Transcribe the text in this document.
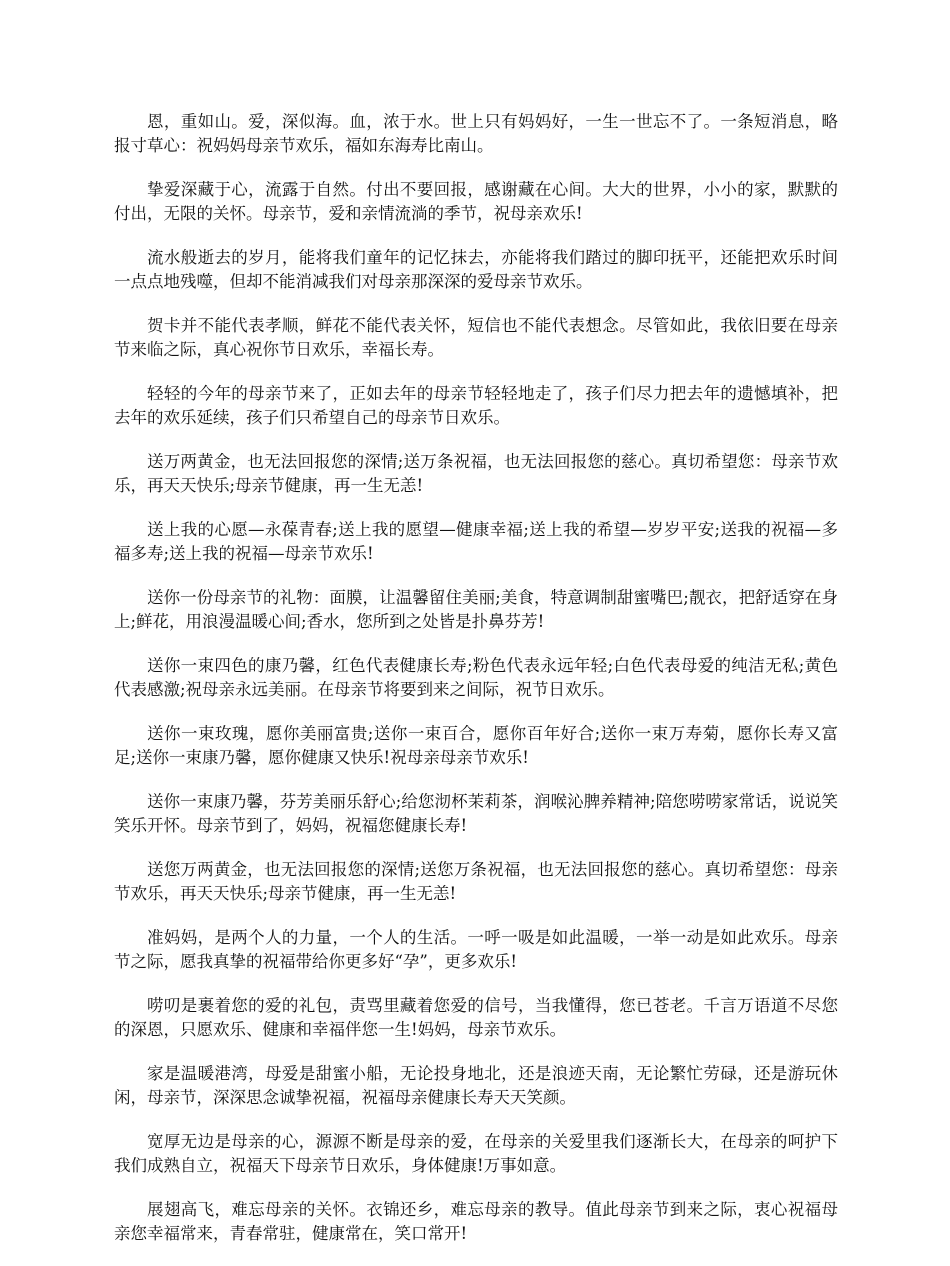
恩，重如山。爱，深似海。血，浓于水。世上只有妈妈好，一生一世忘不了。一条短消息，略报寸草心：祝妈妈母亲节欢乐，福如东海寿比南山。

挚爱深藏于心，流露于自然。付出不要回报，感谢藏在心间。大大的世界，小小的家，默默的付出，无限的关怀。母亲节，爱和亲情流淌的季节，祝母亲欢乐!

流水般逝去的岁月，能将我们童年的记忆抹去，亦能将我们踏过的脚印抚平，还能把欢乐时间一点点地残噬，但却不能消减我们对母亲那深深的爱母亲节欢乐。

贺卡并不能代表孝顺，鲜花不能代表关怀，短信也不能代表想念。尽管如此，我依旧要在母亲节来临之际，真心祝你节日欢乐，幸福长寿。

轻轻的今年的母亲节来了，正如去年的母亲节轻轻地走了，孩子们尽力把去年的遗憾填补，把去年的欢乐延续，孩子们只希望自己的母亲节日欢乐。

送万两黄金，也无法回报您的深情;送万条祝福，也无法回报您的慈心。真切希望您：母亲节欢乐，再天天快乐;母亲节健康，再一生无恙!

送上我的心愿—永葆青春;送上我的愿望—健康幸福;送上我的希望—岁岁平安;送我的祝福—多福多寿;送上我的祝福—母亲节欢乐!

送你一份母亲节的礼物：面膜，让温馨留住美丽;美食，特意调制甜蜜嘴巴;靓衣，把舒适穿在身上;鲜花，用浪漫温暖心间;香水，您所到之处皆是扑鼻芬芳!

送你一束四色的康乃馨，红色代表健康长寿;粉色代表永远年轻;白色代表母爱的纯洁无私;黄色代表感激;祝母亲永远美丽。在母亲节将要到来之间际，祝节日欢乐。

送你一束玫瑰，愿你美丽富贵;送你一束百合，愿你百年好合;送你一束万寿菊，愿你长寿又富足;送你一束康乃馨，愿你健康又快乐!祝母亲母亲节欢乐!

送你一束康乃馨，芬芳美丽乐舒心;给您沏杯茉莉茶，润喉沁脾养精神;陪您唠唠家常话，说说笑笑乐开怀。母亲节到了，妈妈，祝福您健康长寿!

送您万两黄金，也无法回报您的深情;送您万条祝福，也无法回报您的慈心。真切希望您：母亲节欢乐，再天天快乐;母亲节健康，再一生无恙!

准妈妈，是两个人的力量，一个人的生活。一呼一吸是如此温暖，一举一动是如此欢乐。母亲节之际，愿我真挚的祝福带给你更多好“孕”，更多欢乐!

唠叨是裹着您的爱的礼包，责骂里藏着您爱的信号，当我懂得，您已苍老。千言万语道不尽您的深恩，只愿欢乐、健康和幸福伴您一生!妈妈，母亲节欢乐。

家是温暖港湾，母爱是甜蜜小船，无论投身地北，还是浪迹天南，无论繁忙劳碌，还是游玩休闲，母亲节，深深思念诚挚祝福，祝福母亲健康长寿天天笑颜。

宽厚无边是母亲的心，源源不断是母亲的爱，在母亲的关爱里我们逐渐长大，在母亲的呵护下我们成熟自立，祝福天下母亲节日欢乐，身体健康!万事如意。

展翅高飞，难忘母亲的关怀。衣锦还乡，难忘母亲的教导。值此母亲节到来之际，衷心祝福母亲您幸福常来，青春常驻，健康常在，笑口常开!
